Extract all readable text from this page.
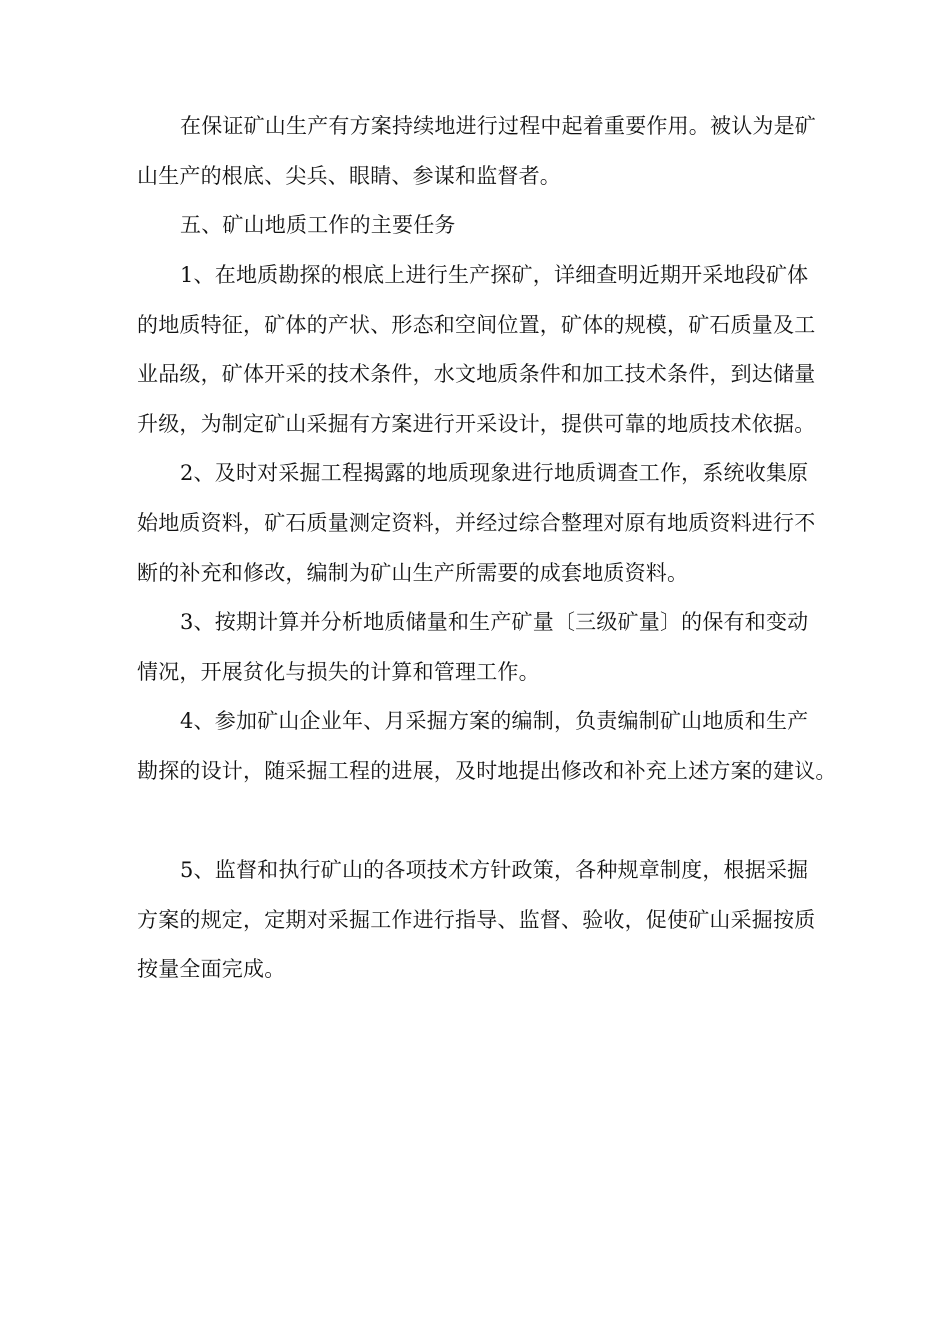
在保证矿山生产有方案持续地进行过程中起着重要作用。被认为是矿
山生产的根底、尖兵、眼睛、参谋和监督者。
五、矿山地质工作的主要任务
1、在地质勘探的根底上进行生产探矿，详细查明近期开采地段矿体
的地质特征，矿体的产状、形态和空间位置，矿体的规模，矿石质量及工
业品级，矿体开采的技术条件，水文地质条件和加工技术条件，到达储量
升级，为制定矿山采掘有方案进行开采设计，提供可靠的地质技术依据。
2、及时对采掘工程揭露的地质现象进行地质调查工作，系统收集原
始地质资料，矿石质量测定资料，并经过综合整理对原有地质资料进行不
断的补充和修改，编制为矿山生产所需要的成套地质资料。
3、按期计算并分析地质储量和生产矿量〔三级矿量〕的保有和变动
情况，开展贫化与损失的计算和管理工作。
4、参加矿山企业年、月采掘方案的编制，负责编制矿山地质和生产
勘探的设计，随采掘工程的进展，及时地提出修改和补充上述方案的建议。
5、监督和执行矿山的各项技术方针政策，各种规章制度，根据采掘
方案的规定，定期对采掘工作进行指导、监督、验收，促使矿山采掘按质
按量全面完成。
